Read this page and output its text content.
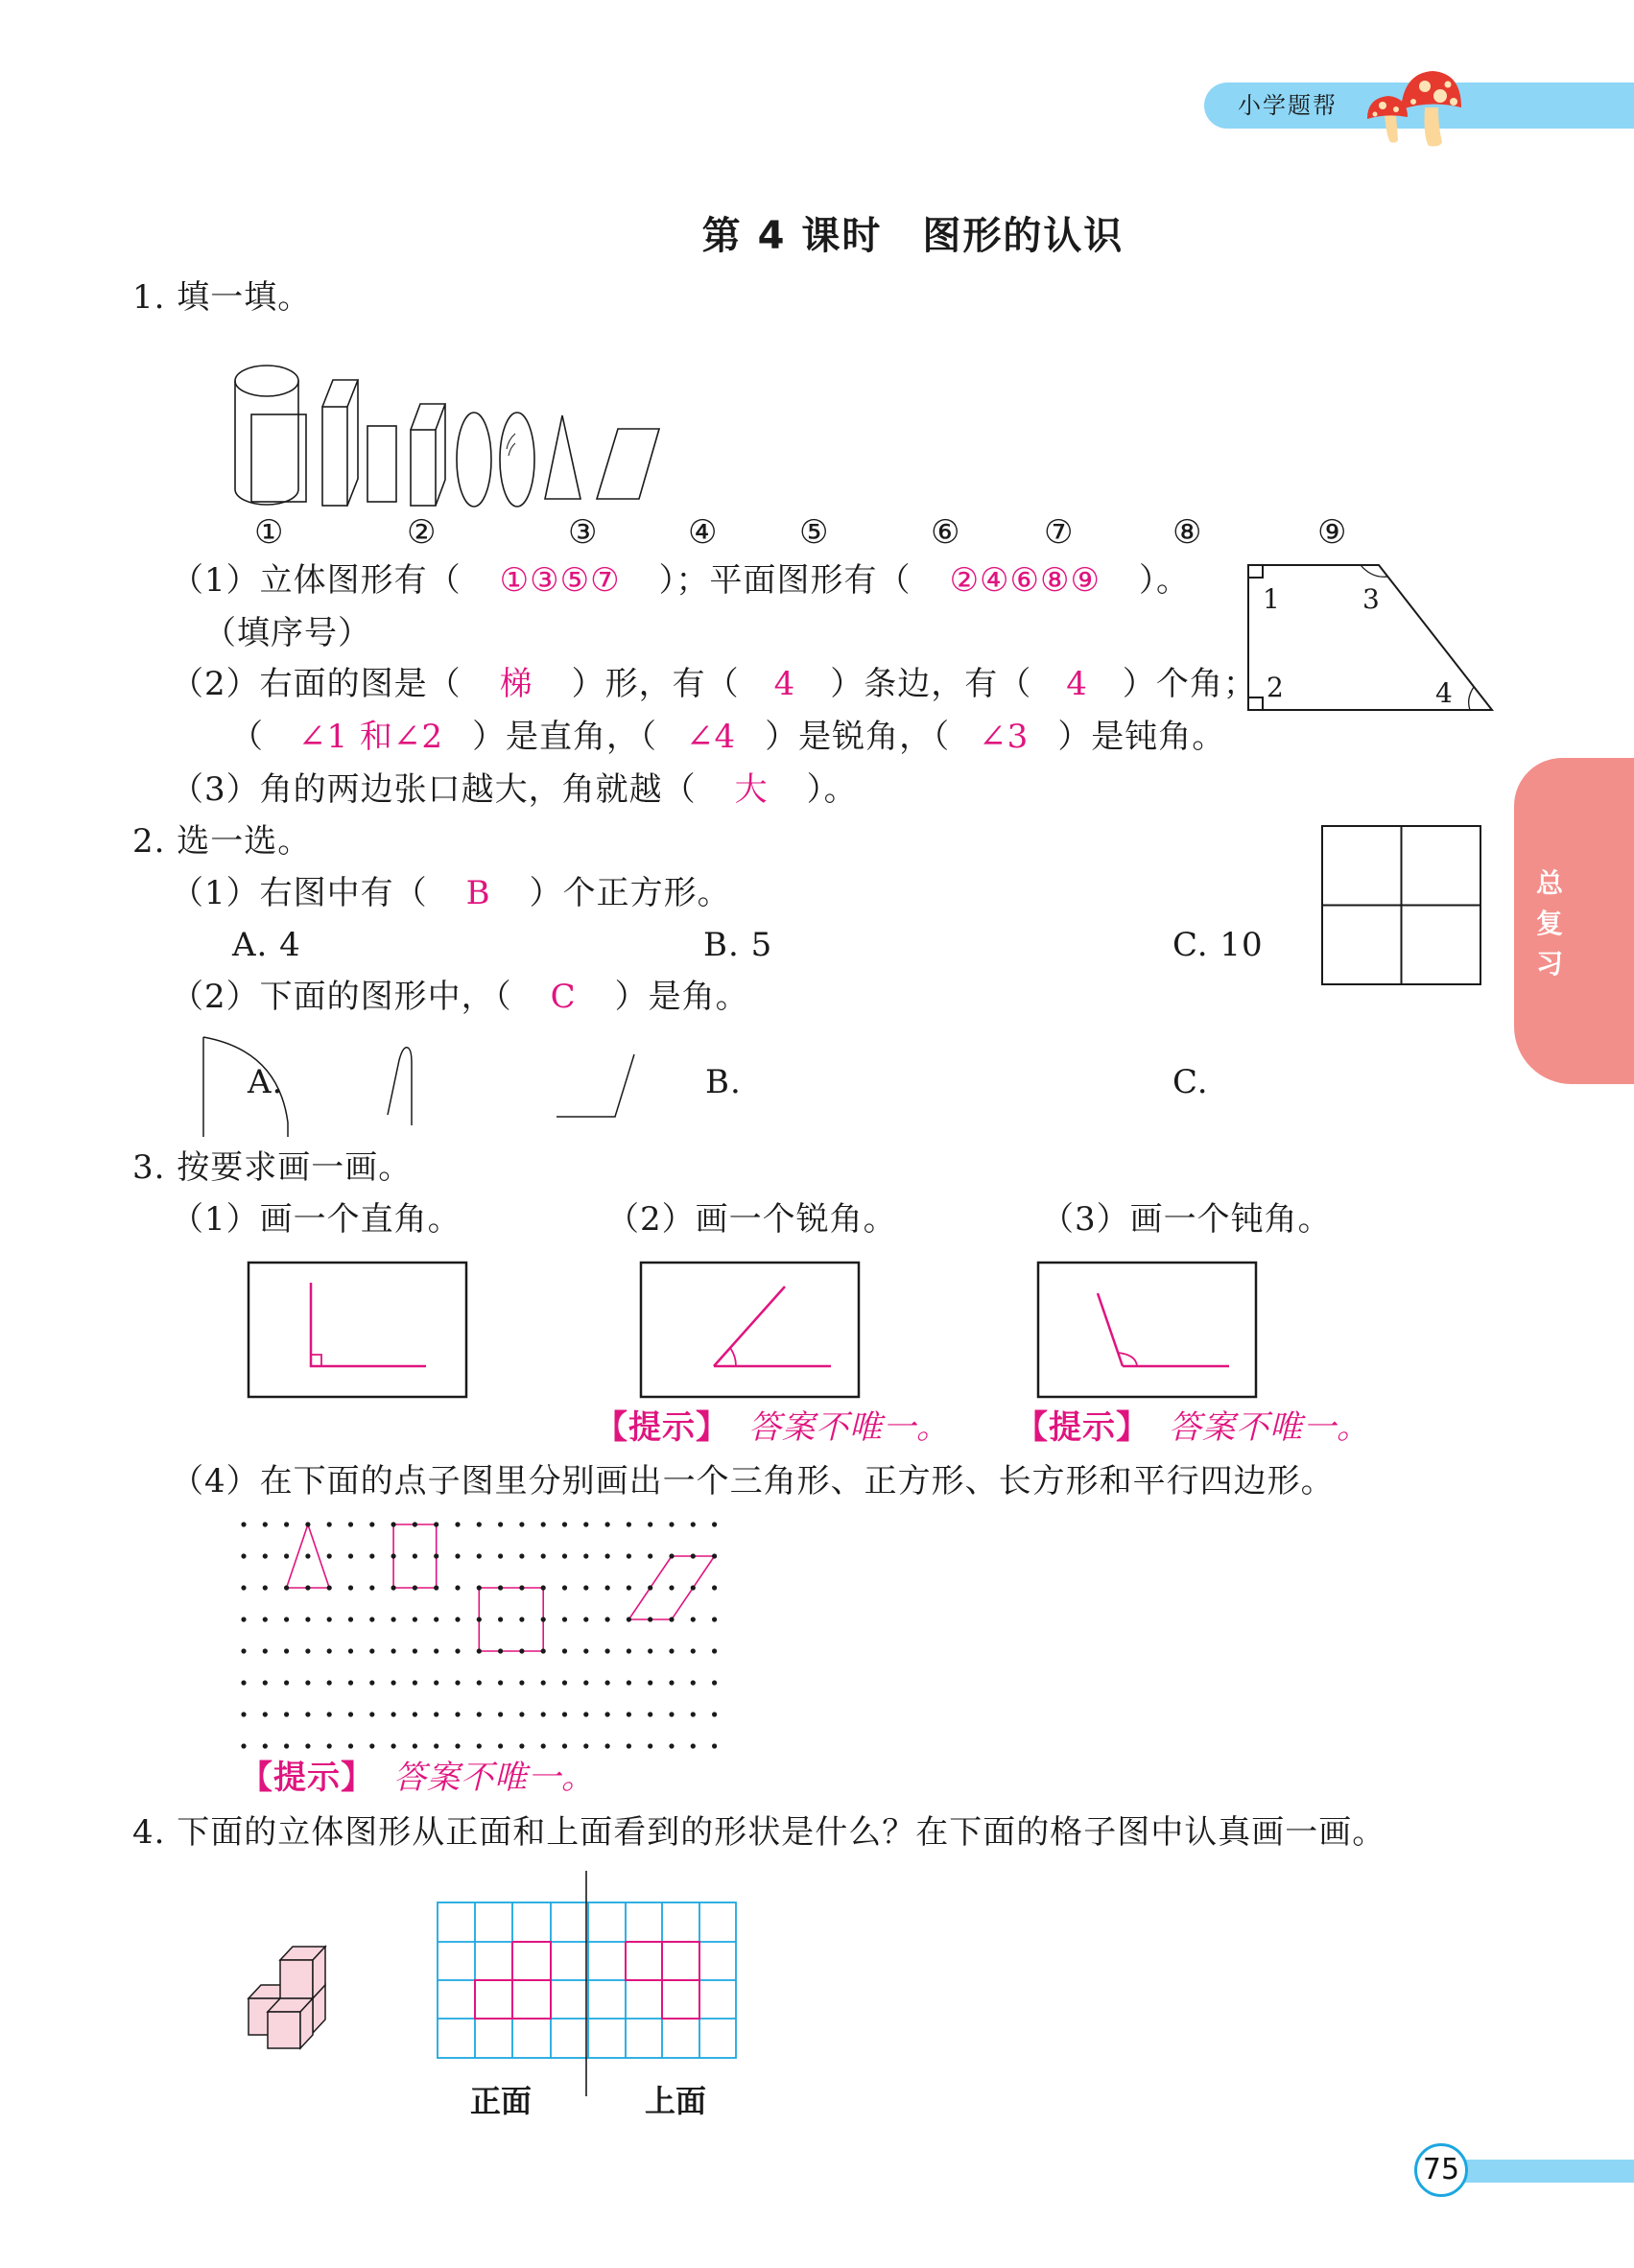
小学题帮
第 4 课时　图形的认识
总复习
1. 填一填。
①	②	③	④ ⑤	⑥	⑦	⑧	⑨
（1）立体图形有（ ①③⑤⑦ ）；平面图形有（ ②④⑥⑧⑨ ）。
（填序号）
1	3
2	4
（2）右面的图是（ 梯 ）形，有（ 4 ）条边，有（ 4 ）个角；
（ ∠1 和∠2 ）是直角，（ ∠4 ）是锐角，（ ∠3 ）是钝角。
（3）角的两边张口越大，角就越（ 大 ）。
2. 选一选。
（1）右图中有（ B ）个正方形。
A. 4	B. 5	C. 10
（2）下面的图形中，（ C ）是角。
A.	B.	C.
3. 按要求画一画。
（1）画一个直角。	（2）画一个锐角。	（3）画一个钝角。
【提示】 答案不唯一。 【提示】 答案不唯一。
（4）在下面的点子图里分别画出一个三角形、正方形、长方形和平行四边形。
【提示】 答案不唯一。
4. 下面的立体图形从正面和上面看到的形状是什么？在下面的格子图中认真画一画。
正面	上面
75
